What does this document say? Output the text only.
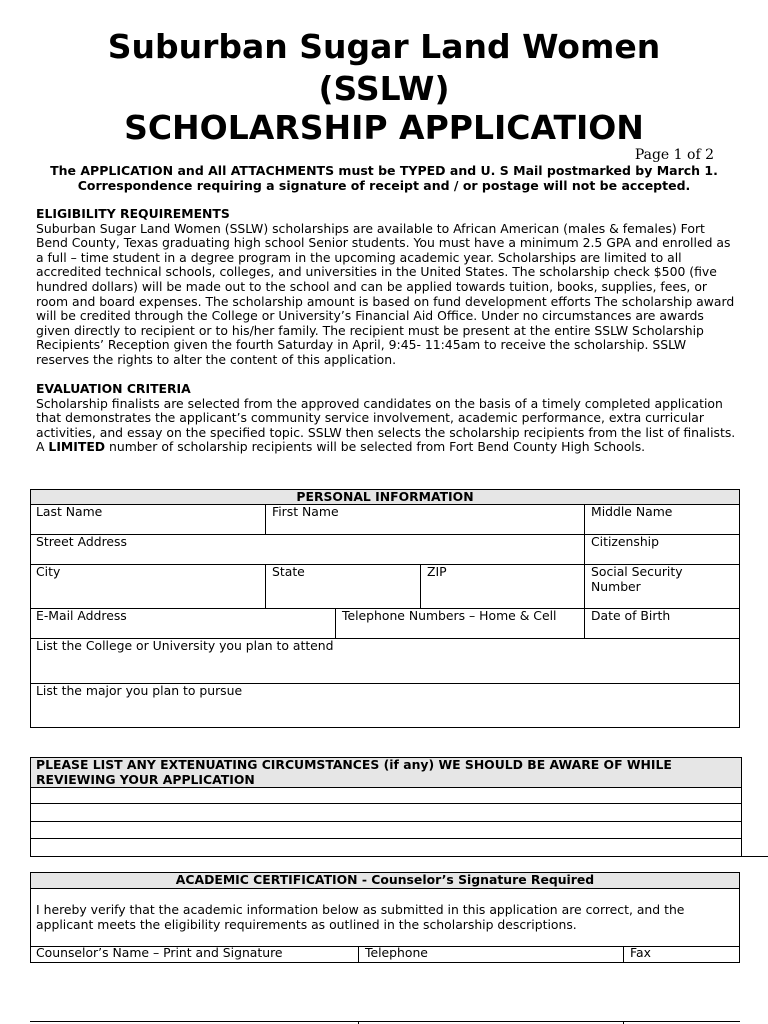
Suburban Sugar Land Women
(SSLW)
SCHOLARSHIP APPLICATION
Page 1 of 2
The APPLICATION and All ATTACHMENTS must be TYPED and U. S Mail postmarked by March 1.
Correspondence requiring a signature of receipt and / or postage will not be accepted.
ELIGIBILITY REQUIREMENTS

Suburban Sugar Land Women (SSLW) scholarships are available to African American (males & females) Fort Bend County, Texas graduating high school Senior students. You must have a minimum 2.5 GPA and enrolled as a full – time student in a degree program in the upcoming academic year. Scholarships are limited to all accredited technical schools, colleges, and universities in the United States. The scholarship check $500 (five hundred dollars) will be made out to the school and can be applied towards tuition, books, supplies, fees, or room and board expenses. The scholarship amount is based on fund development efforts The scholarship award will be credited through the College or University’s Financial Aid Office. Under no circumstances are awards given directly to recipient or to his/her family. The recipient must be present at the entire SSLW Scholarship Recipients’ Reception given the fourth Saturday in April, 9:45- 11:45am to receive the scholarship. SSLW reserves the rights to alter the content of this application.

EVALUATION CRITERIA

Scholarship finalists are selected from the approved candidates on the basis of a timely completed application that demonstrates the applicant’s community service involvement, academic performance, extra curricular activities, and essay on the specified topic. SSLW then selects the scholarship recipients from the list of finalists. A LIMITED number of scholarship recipients will be selected from Fort Bend County High Schools.

PERSONAL INFORMATION
Last Name	First Name	Middle Name
Street Address	Citizenship
City	State	ZIP	Social Security
Number
E-Mail Address	Telephone Numbers – Home & Cell	Date of Birth
List the College or University you plan to attend
List the major you plan to pursue
PLEASE LIST ANY EXTENUATING CIRCUMSTANCES (if any) WE SHOULD BE AWARE OF WHILE
REVIEWING YOUR APPLICATION
ACADEMIC CERTIFICATION - Counselor’s Signature Required
I hereby verify that the academic information below as submitted in this application are correct, and the
applicant meets the eligibility requirements as outlined in the scholarship descriptions.
Counselor’s Name – Print and Signature	Telephone	Fax
